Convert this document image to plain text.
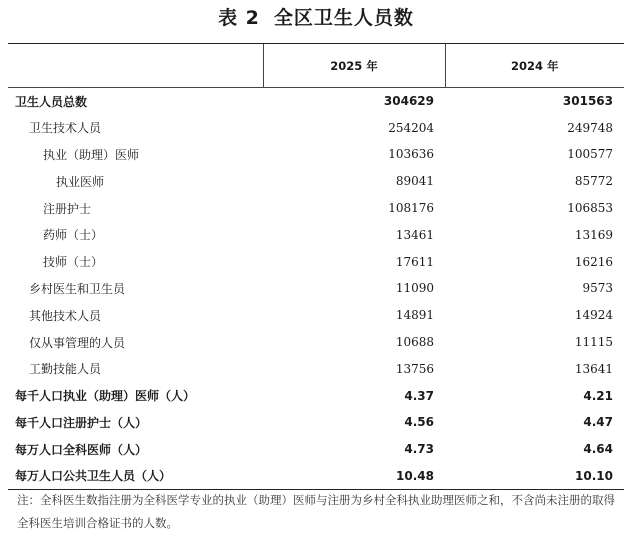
表 2 全区卫生人员数
	2025 年	2024 年
卫生人员总数	304629	301563
卫生技术人员	254204	249748
执业（助理）医师	103636	100577
执业医师	89041	85772
注册护士	108176	106853
药师（士）	13461	13169
技师（士）	17611	16216
乡村医生和卫生员	11090	9573
其他技术人员	14891	14924
仅从事管理的人员	10688	11115
工勤技能人员	13756	13641
每千人口执业（助理）医师（人）	4.37	4.21
每千人口注册护士（人）	4.56	4.47
每万人口全科医师（人）	4.73	4.64
每万人口公共卫生人员（人）	10.48	10.10
注：全科医生数指注册为全科医学专业的执业（助理）医师与注册为乡村全科执业助理医师之和，不含尚未注册的取得全科医生培训合格证书的人数。
